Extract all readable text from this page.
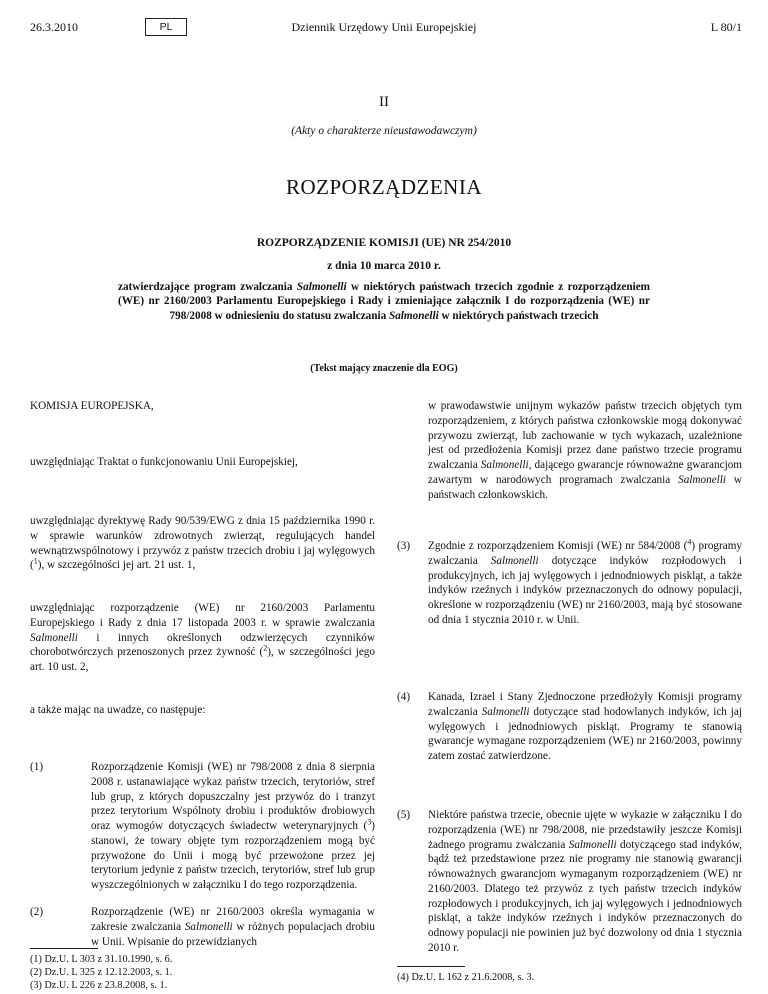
26.3.2010	PL	Dziennik Urzędowy Unii Europejskiej	L 80/1
II
(Akty o charakterze nieustawodawczym)
ROZPORZĄDZENIA
ROZPORZĄDZENIE KOMISJI (UE) NR 254/2010
z dnia 10 marca 2010 r.
zatwierdzające program zwalczania Salmonelli w niektórych państwach trzecich zgodnie z rozporządzeniem (WE) nr 2160/2003 Parlamentu Europejskiego i Rady i zmieniające załącznik I do rozporządzenia (WE) nr 798/2008 w odniesieniu do statusu zwalczania Salmonelli w niektórych państwach trzecich
(Tekst mający znaczenie dla EOG)

KOMISJA EUROPEJSKA,

uwzględniając Traktat o funkcjonowaniu Unii Europejskiej,

uwzględniając dyrektywę Rady 90/539/EWG z dnia 15 października 1990 r. w sprawie warunków zdrowotnych zwierząt, regulujących handel wewnątrzwspólnotowy i przywóz z państw trzecich drobiu i jaj wylęgowych ($^1$), w szczególności jej art. 21 ust. 1,

uwzględniając rozporządzenie (WE) nr 2160/2003 Parlamentu Europejskiego i Rady z dnia 17 listopada 2003 r. w sprawie zwalczania Salmonelli i innych określonych odzwierzęcych czynników chorobotwórczych przenoszonych przez żywność ($^2$), w szczególności jego art. 10 ust. 2,

a także mając na uwadze, co następuje:

(1)	Rozporządzenie Komisji (WE) nr 798/2008 z dnia 8 sierpnia 2008 r. ustanawiające wykaz państw trzecich, terytoriów, stref lub grup, z których dopuszczalny jest przywóz do i tranzyt przez terytorium Wspólnoty drobiu i produktów drobiowych oraz wymogów dotyczących świadectw weterynaryjnych ($^3$) stanowi, że towary objęte tym rozporządzeniem mogą być przywożone do Unii i mogą być przewożone przez jej terytorium jedynie z państw trzecich, terytoriów, stref lub grup wyszczególnionych w załączniku I do tego rozporządzenia.

(2)	Rozporządzenie (WE) nr 2160/2003 określa wymagania w zakresie zwalczania Salmonelli w różnych populacjach drobiu w Unii. Wpisanie do przewidzianych

(1) Dz.U. L 303 z 31.10.1990, s. 6.
(2) Dz.U. L 325 z 12.12.2003, s. 1.
(3) Dz.U. L 226 z 23.8.2008, s. 1.

w prawodawstwie unijnym wykazów państw trzecich objętych tym rozporządzeniem, z których państwa członkowskie mogą dokonywać przywozu zwierząt, lub zachowanie w tych wykazach, uzależnione jest od przedłożenia Komisji przez dane państwo trzecie programu zwalczania Salmonelli, dającego gwarancje równoważne gwarancjom zawartym w narodowych programach zwalczania Salmonelli w państwach członkowskich.

(3)	Zgodnie z rozporządzeniem Komisji (WE) nr 584/2008 ($^4$) programy zwalczania Salmonelli dotyczące indyków rozpłodowych i produkcyjnych, ich jaj wylęgowych i jednodniowych piskląt, a także indyków rzeźnych i indyków przeznaczonych do odnowy populacji, określone w rozporządzeniu (WE) nr 2160/2003, mają być stosowane od dnia 1 stycznia 2010 r. w Unii.

(4)	Kanada, Izrael i Stany Zjednoczone przedłożyły Komisji programy zwalczania Salmonelli dotyczące stad hodowlanych indyków, ich jaj wylęgowych i jednodniowych piskląt. Programy te stanowią gwarancje wymagane rozporządzeniem (WE) nr 2160/2003, powinny zatem zostać zatwierdzone.

(5)	Niektóre państwa trzecie, obecnie ujęte w wykazie w załączniku I do rozporządzenia (WE) nr 798/2008, nie przedstawiły jeszcze Komisji żadnego programu zwalczania Salmonelli dotyczącego stad indyków, bądź też przedstawione przez nie programy nie stanowią gwarancji równoważnych gwarancjom wymaganym rozporządzeniem (WE) nr 2160/2003. Dlatego też przywóz z tych państw trzecich indyków rozpłodowych i produkcyjnych, ich jaj wylęgowych i jednodniowych piskląt, a także indyków rzeźnych i indyków przeznaczonych do odnowy populacji nie powinien już być dozwolony od dnia 1 stycznia 2010 r.

(4) Dz.U. L 162 z 21.6.2008, s. 3.
